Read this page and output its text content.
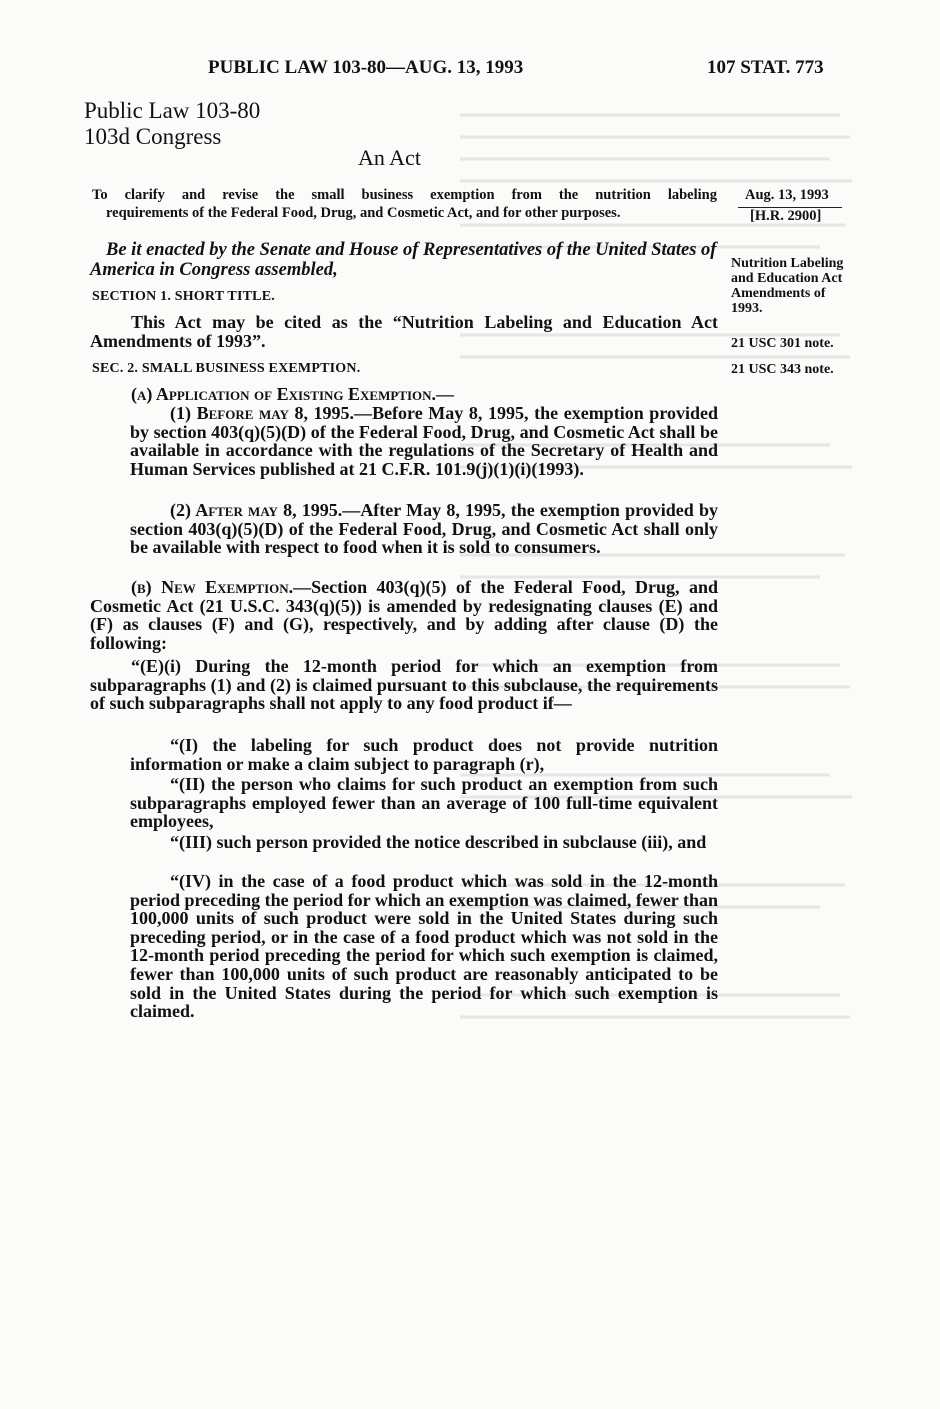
PUBLIC LAW 103-80—AUG. 13, 1993	107 STAT. 773
Public Law 103-80
103d Congress
An Act
To clarify and revise the small business exemption from the nutrition labeling
requirements of the Federal Food, Drug, and Cosmetic Act, and for other purposes.
Aug. 13, 1993
[H.R. 2900]
Nutrition Labeling and Education Act Amendments of 1993.
21 USC 301 note.
21 USC 343 note.
Be it enacted by the Senate and House of Representatives of the United States of America in Congress assembled,
SECTION 1. SHORT TITLE.
This Act may be cited as the “Nutrition Labeling and Education Act Amendments of 1993”.
SEC. 2. SMALL BUSINESS EXEMPTION.
(a) Application of Existing Exemption.—
(1) Before may 8, 1995.—Before May 8, 1995, the exemption provided by section 403(q)(5)(D) of the Federal Food, Drug, and Cosmetic Act shall be available in accordance with the regulations of the Secretary of Health and Human Services published at 21 C.F.R. 101.9(j)(1)(i)(1993).
(2) After may 8, 1995.—After May 8, 1995, the exemption provided by section 403(q)(5)(D) of the Federal Food, Drug, and Cosmetic Act shall only be available with respect to food when it is sold to consumers.
(b) New Exemption.—Section 403(q)(5) of the Federal Food, Drug, and Cosmetic Act (21 U.S.C. 343(q)(5)) is amended by redesignating clauses (E) and (F) as clauses (F) and (G), respectively, and by adding after clause (D) the following:
“(E)(i) During the 12-month period for which an exemption from subparagraphs (1) and (2) is claimed pursuant to this subclause, the requirements of such subparagraphs shall not apply to any food product if—
“(I) the labeling for such product does not provide nutrition information or make a claim subject to paragraph (r),
“(II) the person who claims for such product an exemption from such subparagraphs employed fewer than an average of 100 full-time equivalent employees,
“(III) such person provided the notice described in subclause (iii), and
“(IV) in the case of a food product which was sold in the 12-month period preceding the period for which an exemption was claimed, fewer than 100,000 units of such product were sold in the United States during such preceding period, or in the case of a food product which was not sold in the 12-month period preceding the period for which such exemption is claimed, fewer than 100,000 units of such product are reasonably anticipated to be sold in the United States during the period for which such exemption is claimed.
